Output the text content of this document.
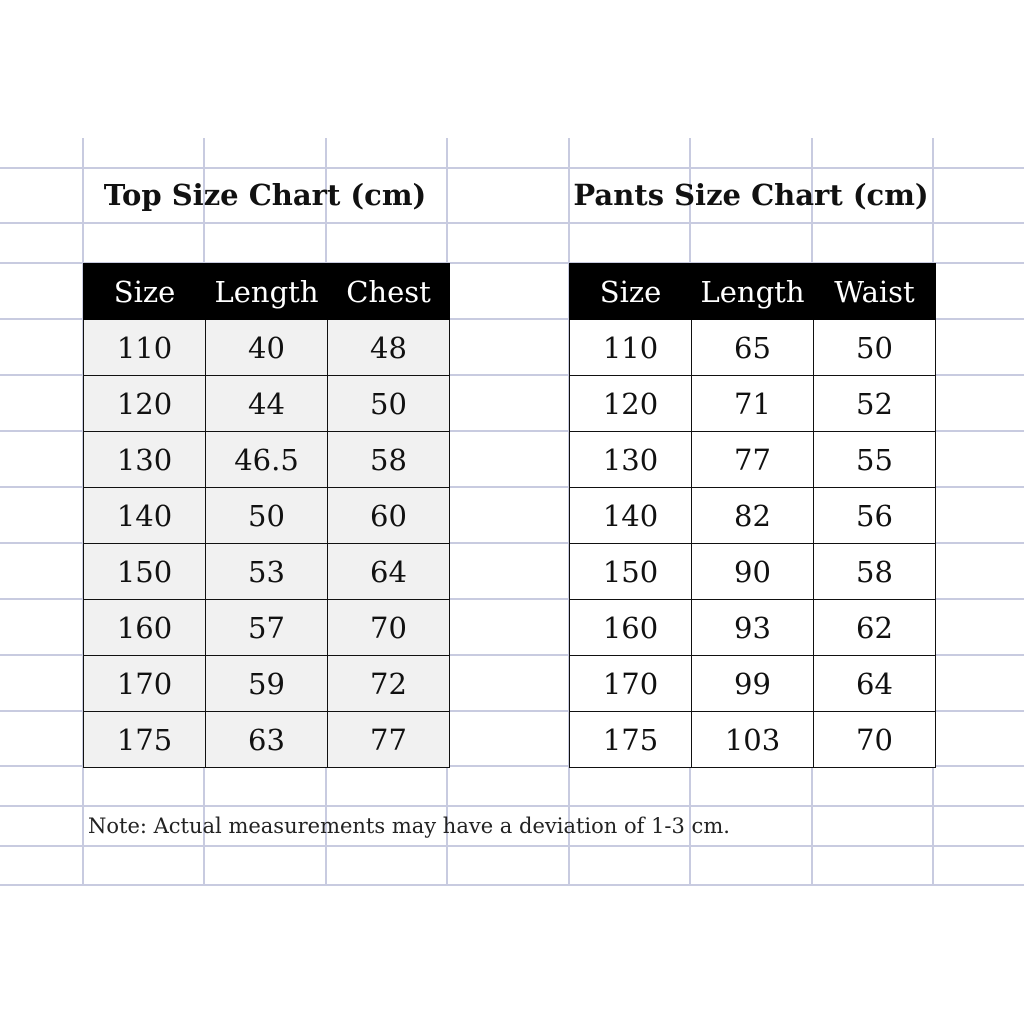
Top Size Chart (cm)	Pants Size Chart (cm)
Size	Length	Chest
110	40	48
120	44	50
130	46.5	58
140	50	60
150	53	64
160	57	70
170	59	72
175	63	77
Size	Length	Waist
110	65	50
120	71	52
130	77	55
140	82	56
150	90	58
160	93	62
170	99	64
175	103	70
Note: Actual measurements may have a deviation of 1-3 cm.
